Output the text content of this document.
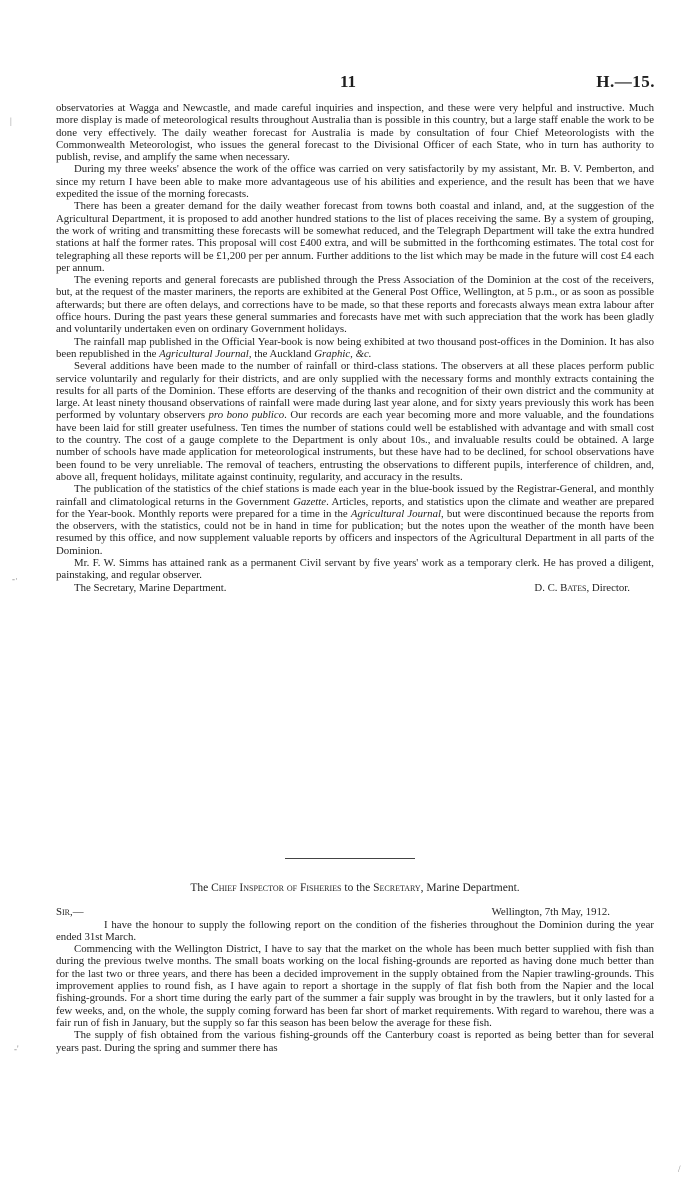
11	H.—15.
|
-·
-'
/

observatories at Wagga and Newcastle, and made careful inquiries and inspection, and these were very helpful and instructive. Much more display is made of meteorological results throughout Australia than is possible in this country, but a large staff enable the work to be done very effectively. The daily weather forecast for Australia is made by consultation of four Chief Meteorologists with the Commonwealth Meteorologist, who issues the general forecast to the Divisional Officer of each State, who in turn has authority to publish, revise, and amplify the same when necessary.

During my three weeks' absence the work of the office was carried on very satisfactorily by my assistant, Mr. B. V. Pemberton, and since my return I have been able to make more advantageous use of his abilities and experience, and the result has been that we have expedited the issue of the morning forecasts.

There has been a greater demand for the daily weather forecast from towns both coastal and inland, and, at the suggestion of the Agricultural Department, it is proposed to add another hundred stations to the list of places receiving the same. By a system of grouping, the work of writing and transmitting these forecasts will be somewhat reduced, and the Telegraph Department will take the extra hundred stations at half the former rates. This proposal will cost £400 extra, and will be submitted in the forthcoming estimates. The total cost for telegraphing all these reports will be £1,200 per per annum. Further additions to the list which may be made in the future will cost £4 each per annum.

The evening reports and general forecasts are published through the Press Association of the Dominion at the cost of the receivers, but, at the request of the master mariners, the reports are exhibited at the General Post Office, Wellington, at 5 p.m., or as soon as possible afterwards; but there are often delays, and corrections have to be made, so that these reports and forecasts always mean extra labour after office hours. During the past years these general summaries and forecasts have met with such appreciation that the work has been gladly and voluntarily undertaken even on ordinary Government holidays.

The rainfall map published in the Official Year-book is now being exhibited at two thousand post-offices in the Dominion. It has also been republished in the Agricultural Journal, the Auckland Graphic, &c.

Several additions have been made to the number of rainfall or third-class stations. The observers at all these places perform public service voluntarily and regularly for their districts, and are only supplied with the necessary forms and monthly extracts containing the results for all parts of the Dominion. These efforts are deserving of the thanks and recognition of their own district and the community at large. At least ninety thousand observations of rainfall were made during last year alone, and for sixty years previously this work has been performed by voluntary observers pro bono publico. Our records are each year becoming more and more valuable, and the foundations have been laid for still greater usefulness. Ten times the number of stations could well be established with advantage and with small cost to the country. The cost of a gauge complete to the Department is only about 10s., and invaluable results could be obtained. A large number of schools have made application for meteorological instruments, but these have had to be declined, for school observations have been found to be very unreliable. The removal of teachers, entrusting the observations to different pupils, interference of children, and, above all, frequent holidays, militate against continuity, regularity, and accuracy in the results.

The publication of the statistics of the chief stations is made each year in the blue-book issued by the Registrar-General, and monthly rainfall and climatological returns in the Government Gazette. Articles, reports, and statistics upon the climate and weather are prepared for the Year-book. Monthly reports were prepared for a time in the Agricultural Journal, but were discontinued because the reports from the observers, with the statistics, could not be in hand in time for publication; but the notes upon the weather of the month have been resumed by this office, and now supplement valuable reports by officers and inspectors of the Agricultural Department in all parts of the Dominion.

Mr. F. W. Simms has attained rank as a permanent Civil servant by five years' work as a temporary clerk. He has proved a diligent, painstaking, and regular observer.

The Secretary, Marine Department.	D. C. Bates, Director.

The Chief Inspector of Fisheries to the Secretary, Marine Department.

Sir,—	Wellington, 7th May, 1912.

I have the honour to supply the following report on the condition of the fisheries throughout the Dominion during the year ended 31st March.

Commencing with the Wellington District, I have to say that the market on the whole has been much better supplied with fish than during the previous twelve months. The small boats working on the local fishing-grounds are reported as having done much better than for the last two or three years, and there has been a decided improvement in the supply obtained from the Napier trawling-grounds. This improvement applies to round fish, as I have again to report a shortage in the supply of flat fish both from the Napier and the local fishing-grounds. For a short time during the early part of the summer a fair supply was brought in by the trawlers, but it only lasted for a few weeks, and, on the whole, the supply coming forward has been far short of market requirements. With regard to warehou, there was a fair run of fish in January, but the supply so far this season has been below the average for these fish.

The supply of fish obtained from the various fishing-grounds off the Canterbury coast is reported as being better than for several years past. During the spring and summer there has
